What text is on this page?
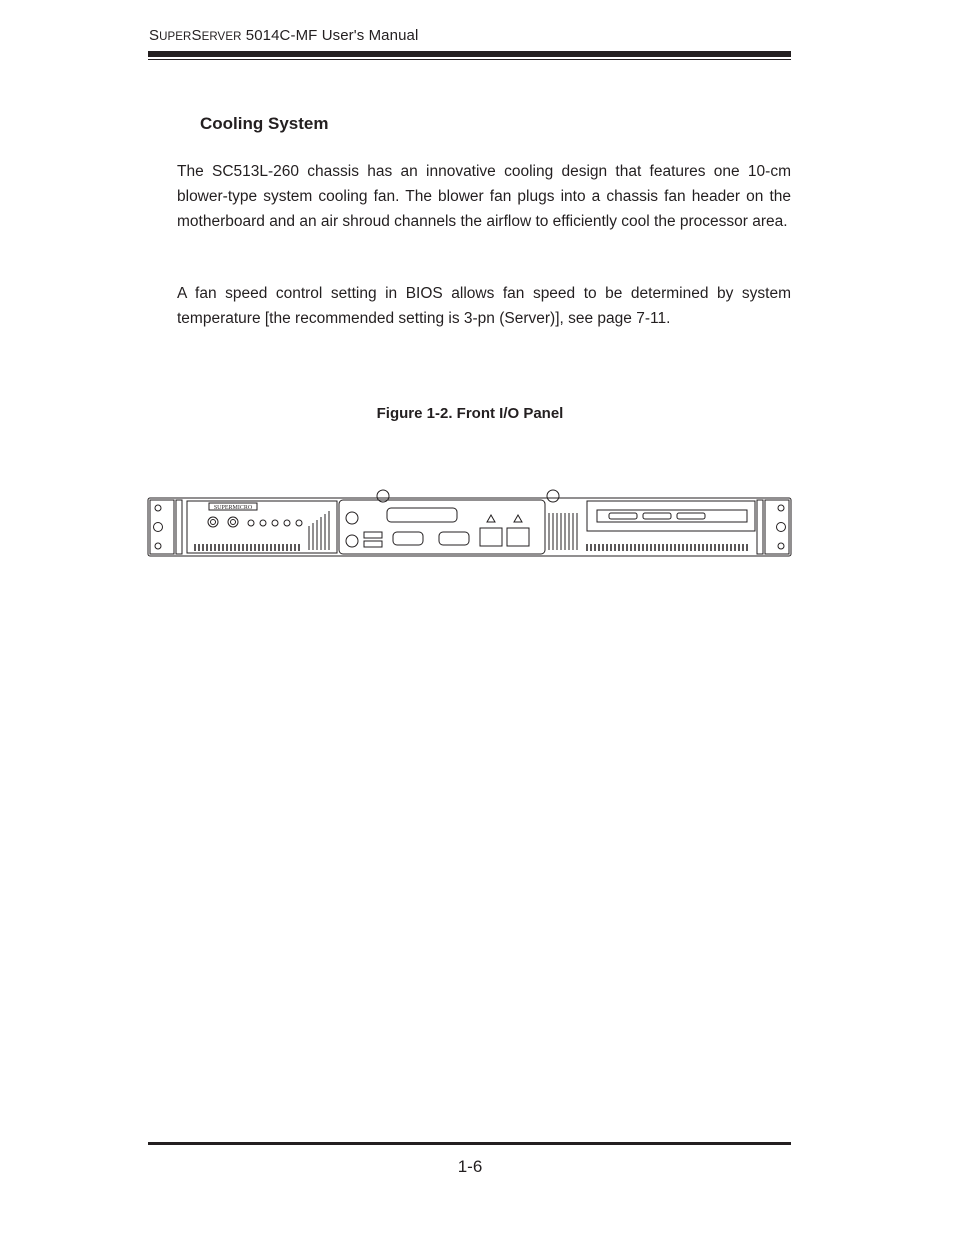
SUPERSERVER 5014C-MF User's Manual
Cooling System

The SC513L-260 chassis has an innovative cooling design that features one 10-cm blower-type system cooling fan. The blower fan plugs into a chassis fan header on the motherboard and an air shroud channels the airflow to efficiently cool the processor area.

A fan speed control setting in BIOS allows fan speed to be determined by system temperature [the recommended setting is 3-pn (Server)], see page 7-11.

Figure 1-2. Front I/O Panel
SUPERMICRO
1-6
